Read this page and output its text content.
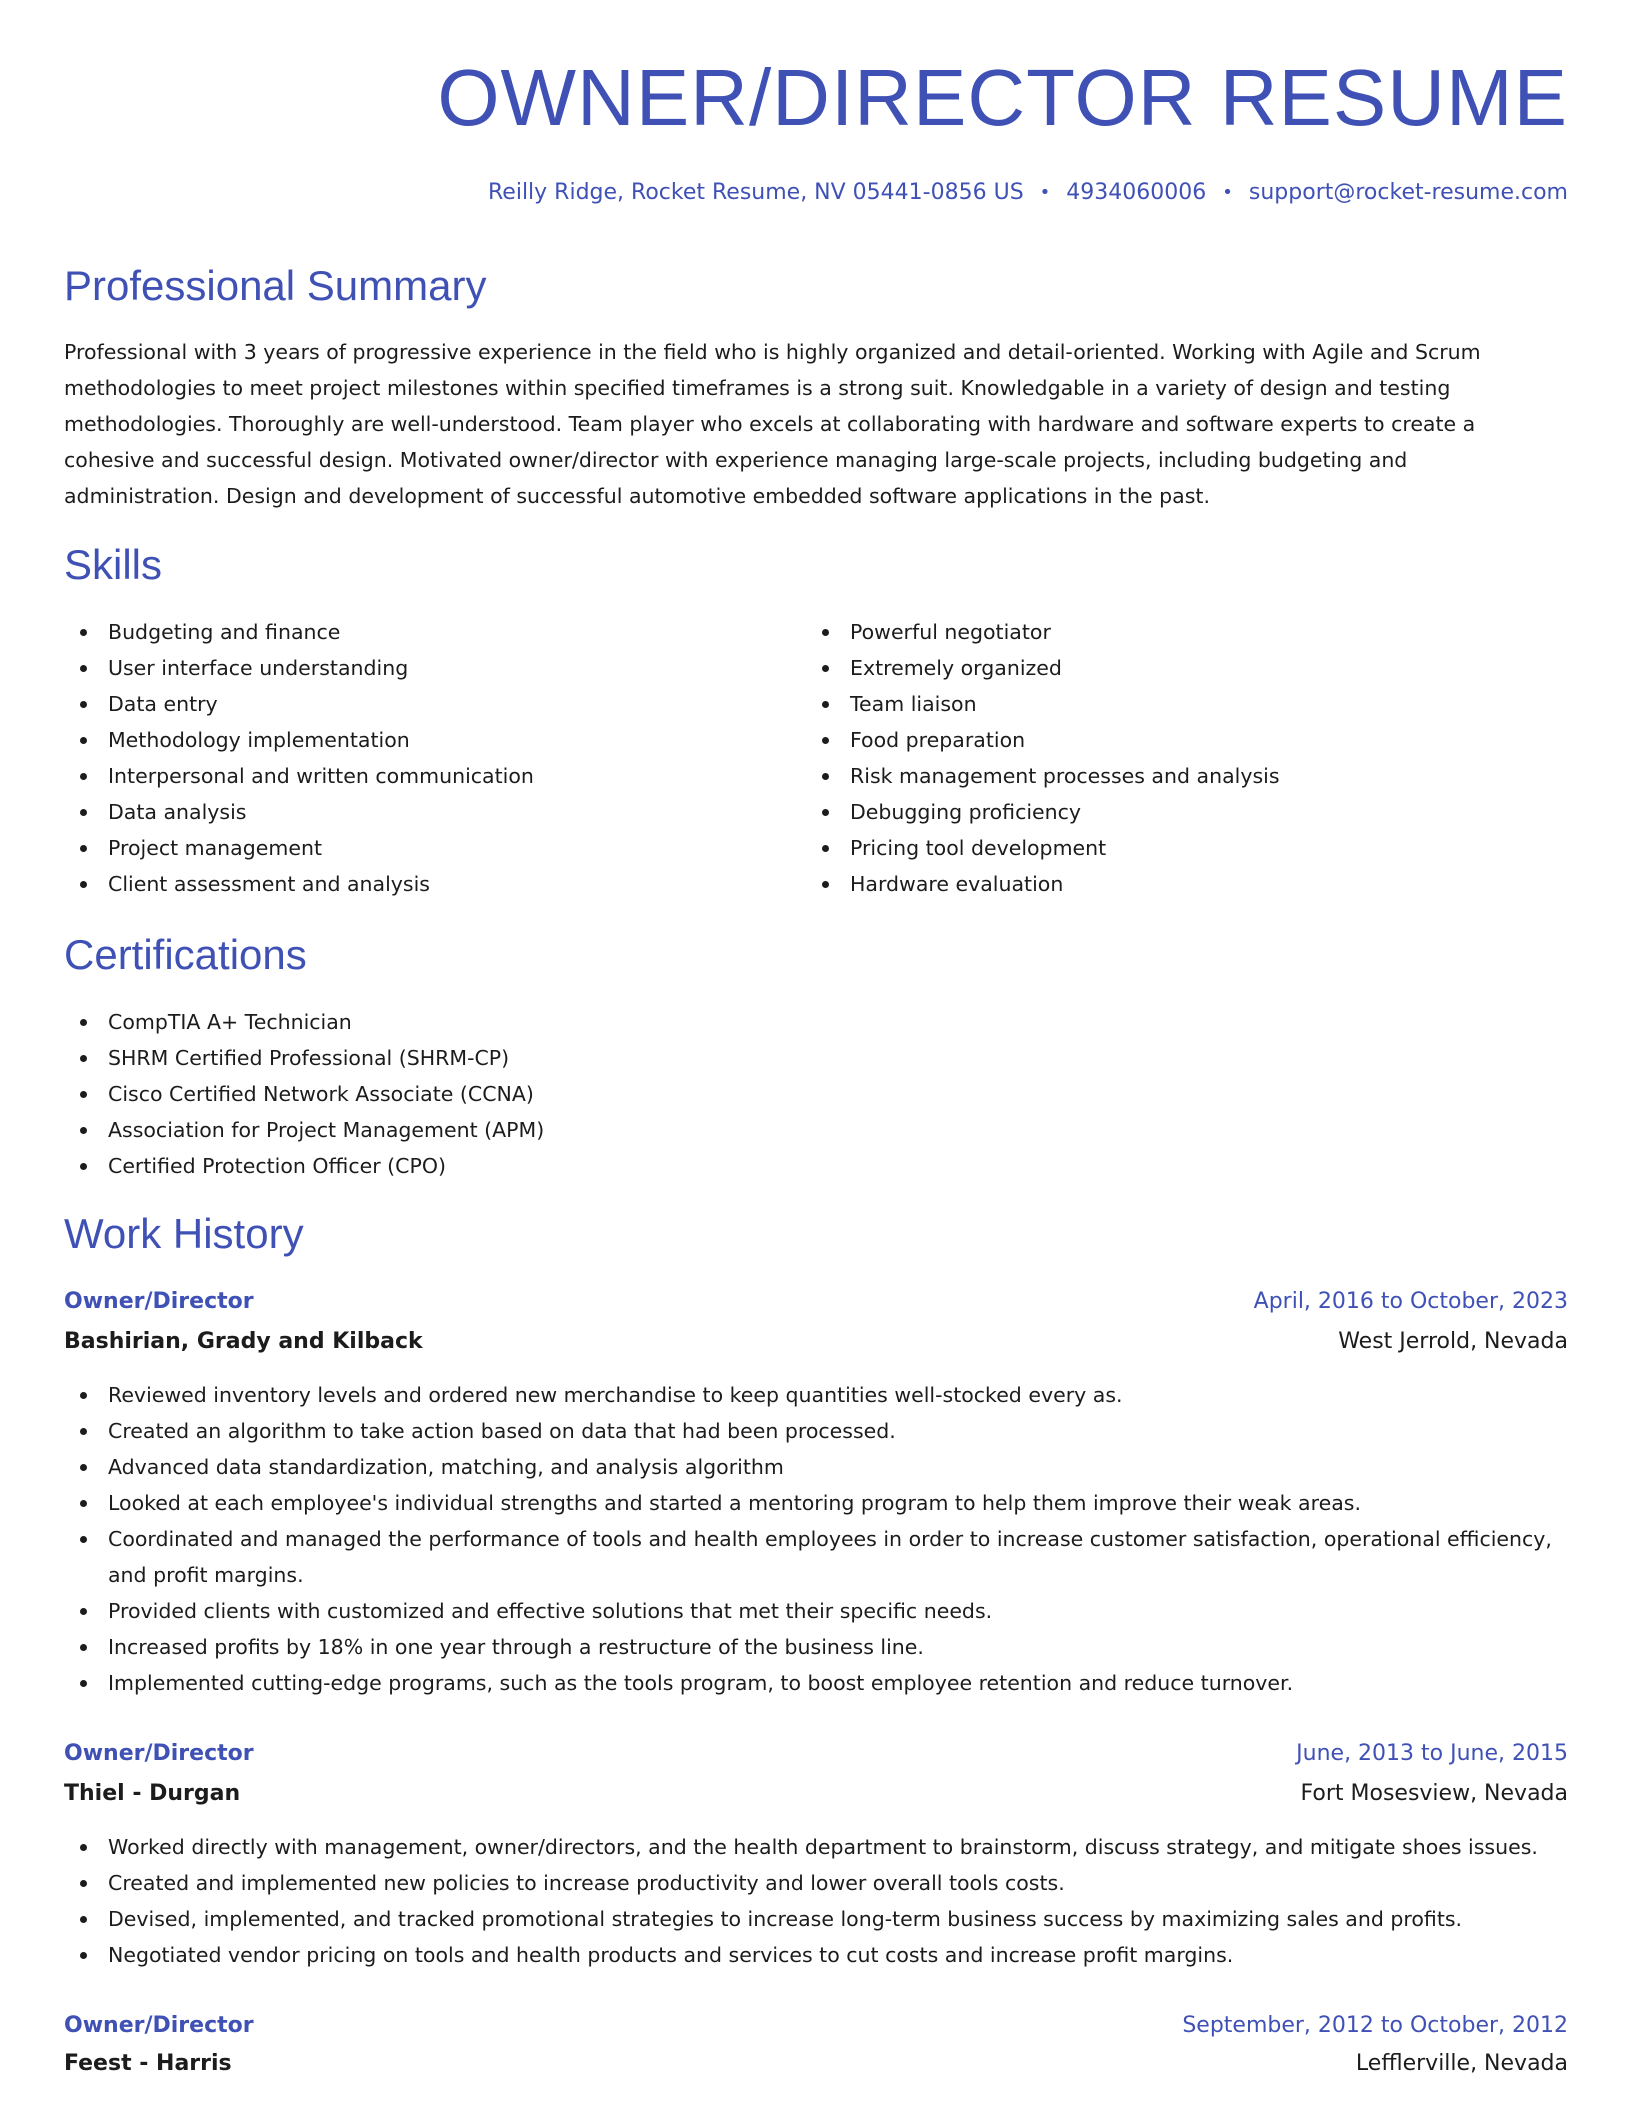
OWNER/DIRECTOR RESUME
Reilly Ridge, Rocket Resume, NV 05441-0856 US • 4934060006 • support@rocket-resume.com
Professional Summary

Professional with 3 years of progressive experience in the field who is highly organized and detail-oriented. Working with Agile and Scrum methodologies to meet project milestones within specified timeframes is a strong suit. Knowledgable in a variety of design and testing methodologies. Thoroughly are well-understood. Team player who excels at collaborating with hardware and software experts to create a cohesive and successful design. Motivated owner/director with experience managing large-scale projects, including budgeting and administration. Design and development of successful automotive embedded software applications in the past.

Skills
Budgeting and finance
User interface understanding
Data entry
Methodology implementation
Interpersonal and written communication
Data analysis
Project management
Client assessment and analysis
Powerful negotiator
Extremely organized
Team liaison
Food preparation
Risk management processes and analysis
Debugging proficiency
Pricing tool development
Hardware evaluation
Certifications
CompTIA A+ Technician
SHRM Certified Professional (SHRM-CP)
Cisco Certified Network Associate (CCNA)
Association for Project Management (APM)
Certified Protection Officer (CPO)
Work History
Owner/Director	April, 2016 to October, 2023
Bashirian, Grady and Kilback	West Jerrold, Nevada
Reviewed inventory levels and ordered new merchandise to keep quantities well-stocked every as.
Created an algorithm to take action based on data that had been processed.
Advanced data standardization, matching, and analysis algorithm
Looked at each employee's individual strengths and started a mentoring program to help them improve their weak areas.
Coordinated and managed the performance of tools and health employees in order to increase customer satisfaction, operational efficiency, and profit margins.
Provided clients with customized and effective solutions that met their specific needs.
Increased profits by 18% in one year through a restructure of the business line.
Implemented cutting-edge programs, such as the tools program, to boost employee retention and reduce turnover.
Owner/Director	June, 2013 to June, 2015
Thiel - Durgan	Fort Mosesview, Nevada
Worked directly with management, owner/directors, and the health department to brainstorm, discuss strategy, and mitigate shoes issues.
Created and implemented new policies to increase productivity and lower overall tools costs.
Devised, implemented, and tracked promotional strategies to increase long-term business success by maximizing sales and profits.
Negotiated vendor pricing on tools and health products and services to cut costs and increase profit margins.
Owner/Director	September, 2012 to October, 2012
Feest - Harris	Lefflerville, Nevada
